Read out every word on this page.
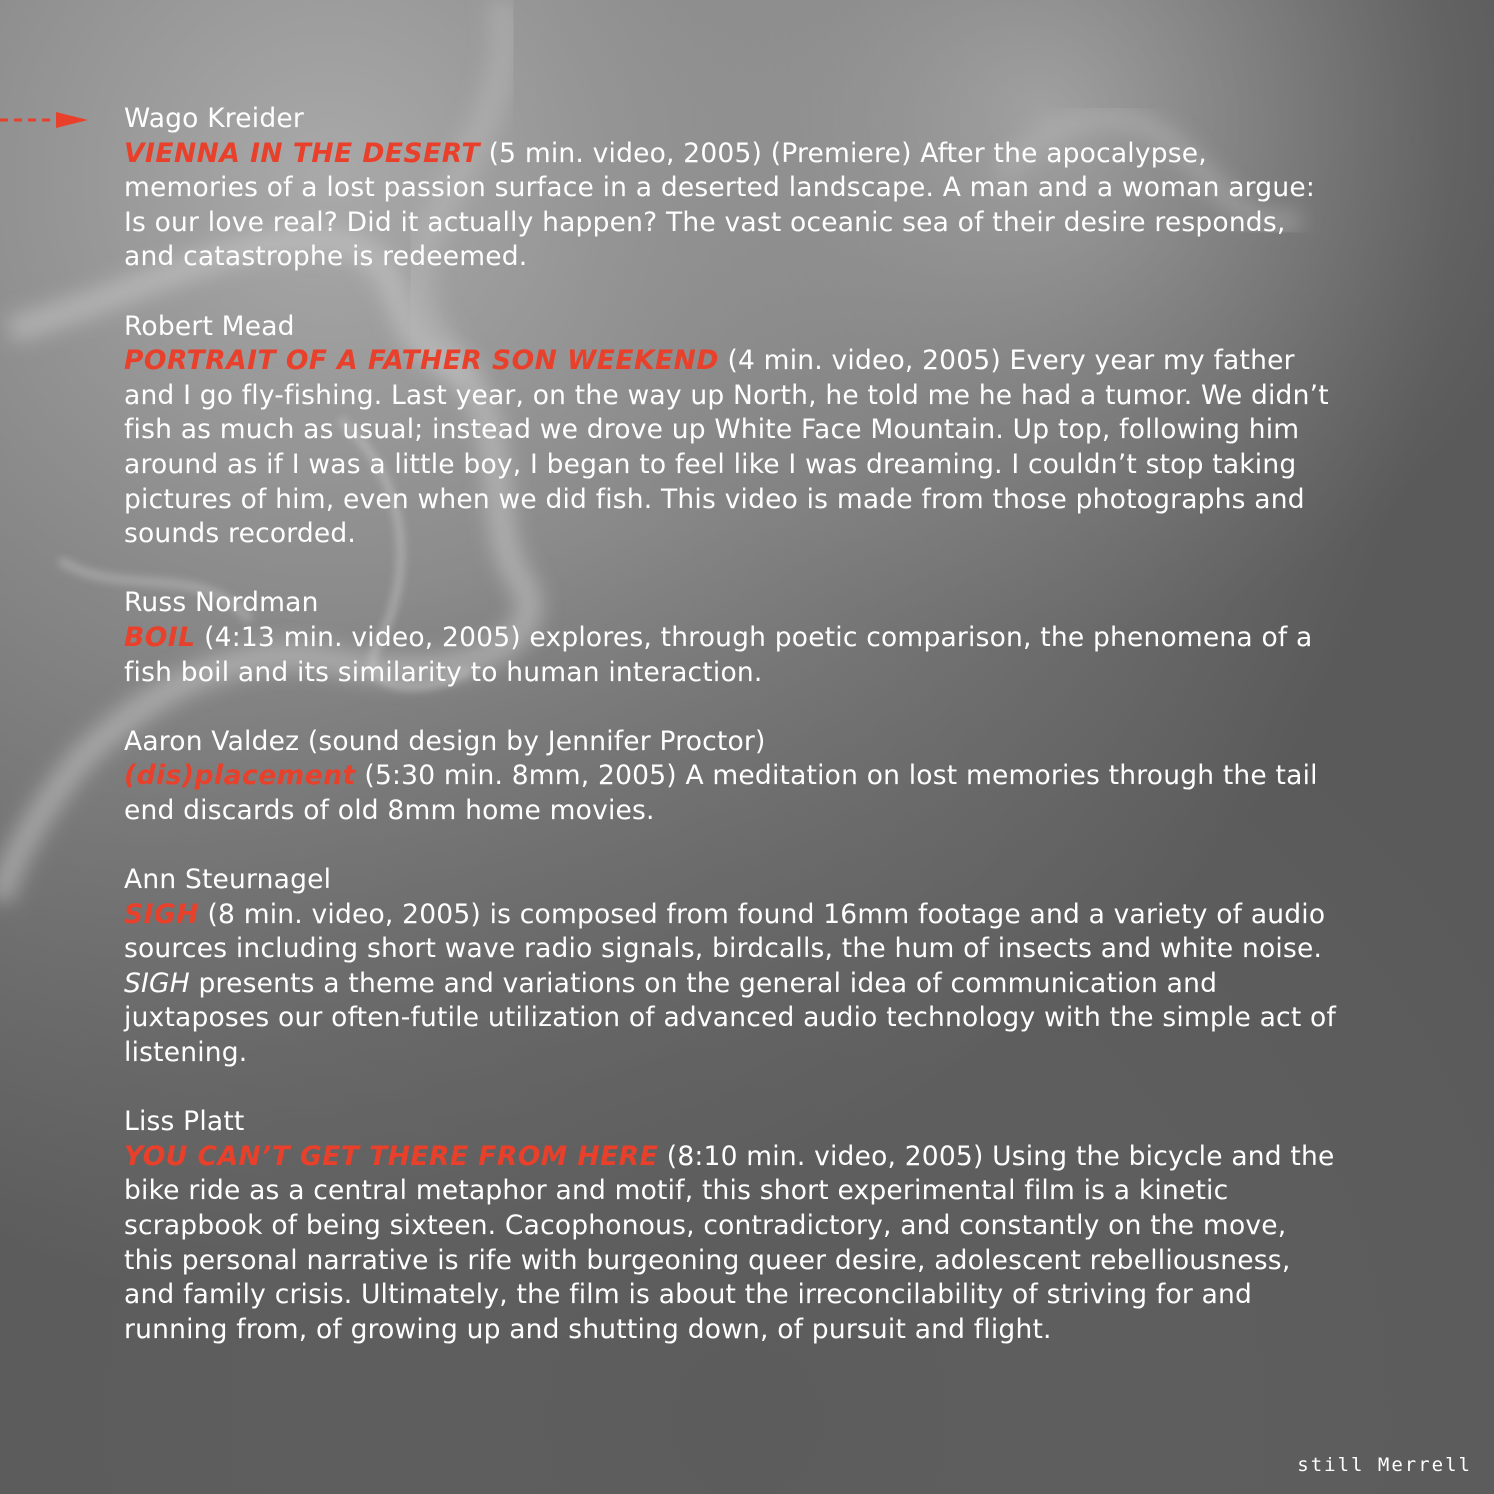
Wago Kreider
VIENNA IN THE DESERT (5 min. video, 2005) (Premiere) After the apocalypse, memories of a lost passion surface in a deserted landscape. A man and a woman argue: Is our love real? Did it actually happen? The vast oceanic sea of their desire responds, and catastrophe is redeemed.
Robert Mead
PORTRAIT OF A FATHER SON WEEKEND (4 min. video, 2005) Every year my father and I go fly-fishing. Last year, on the way up North, he told me he had a tumor. We didn’t fish as much as usual; instead we drove up White Face Mountain. Up top, following him around as if I was a little boy, I began to feel like I was dreaming. I couldn’t stop taking pictures of him, even when we did fish. This video is made from those photographs and sounds recorded.
Russ Nordman
BOIL (4:13 min. video, 2005) explores, through poetic comparison, the phenomena of a fish boil and its similarity to human interaction.
Aaron Valdez (sound design by Jennifer Proctor)
(dis)placement (5:30 min. 8mm, 2005) A meditation on lost memories through the tail end discards of old 8mm home movies.
Ann Steurnagel
SIGH (8 min. video, 2005) is composed from found 16mm footage and a variety of audio sources including short wave radio signals, birdcalls, the hum of insects and white noise. SIGH presents a theme and variations on the general idea of communication and juxtaposes our often-futile utilization of advanced audio technology with the simple act of listening.
Liss Platt
YOU CAN’T GET THERE FROM HERE (8:10 min. video, 2005) Using the bicycle and the bike ride as a central metaphor and motif, this short experimental film is a kinetic scrapbook of being sixteen. Cacophonous, contradictory, and constantly on the move, this personal narrative is rife with burgeoning queer desire, adolescent rebelliousness, and family crisis. Ultimately, the film is about the irreconcilability of striving for and running from, of growing up and shutting down, of pursuit and flight.
still Merrell
